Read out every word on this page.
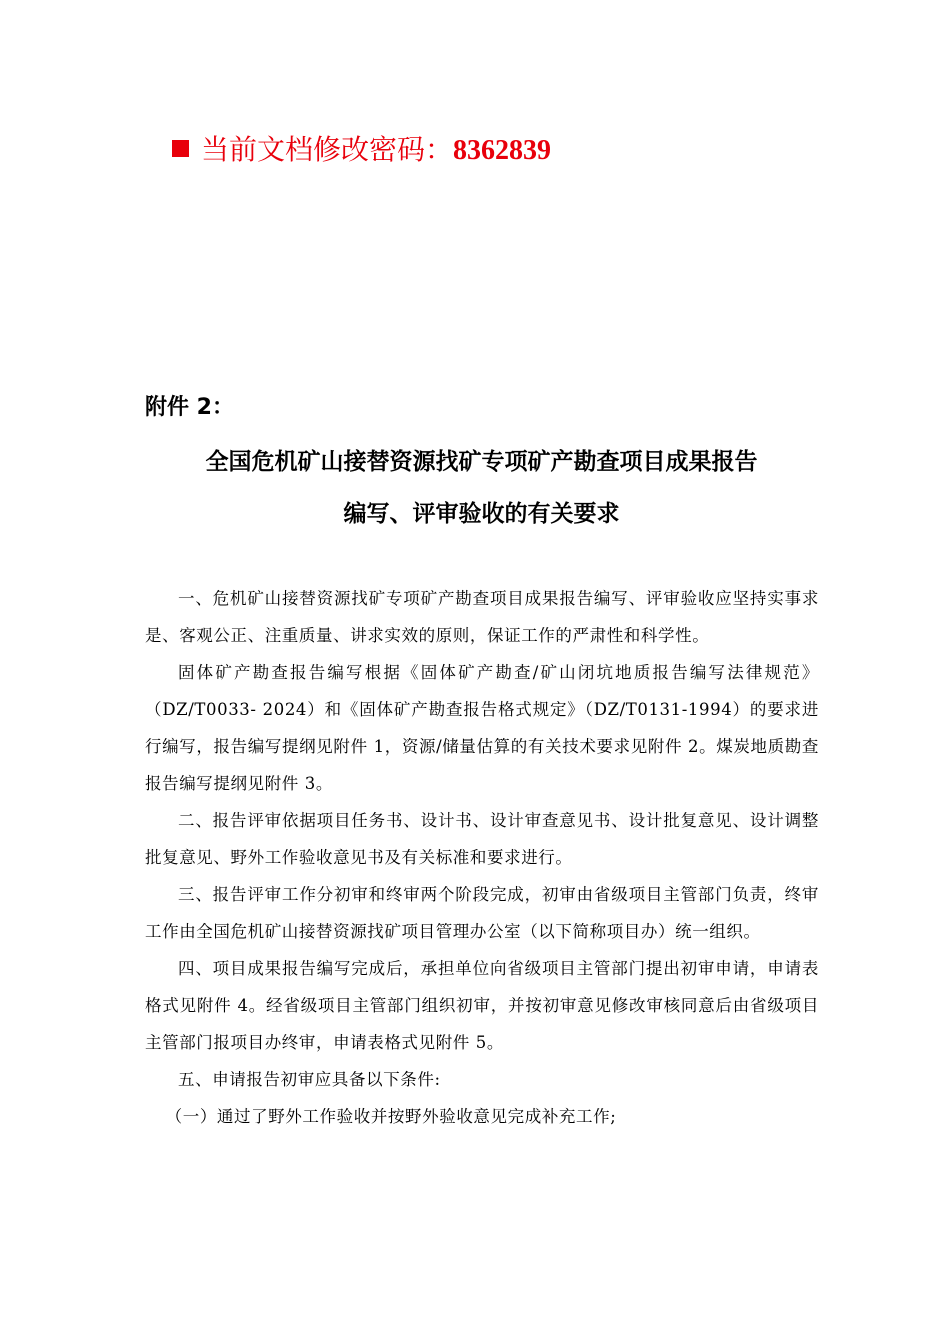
当前文档修改密码：8362839
附件 2：
全国危机矿山接替资源找矿专项矿产勘查项目成果报告
编写、评审验收的有关要求

一、危机矿山接替资源找矿专项矿产勘查项目成果报告编写、评审验收应坚持实事求是、客观公正、注重质量、讲求实效的原则，保证工作的严肃性和科学性。

固体矿产勘查报告编写根据《固体矿产勘查/矿山闭坑地质报告编写法律规范》（DZ/T0033- 2024）和《固体矿产勘查报告格式规定》（DZ/T0131-1994）的要求进行编写，报告编写提纲见附件 1，资源/储量估算的有关技术要求见附件 2。煤炭地质勘查报告编写提纲见附件 3。

二、报告评审依据项目任务书、设计书、设计审查意见书、设计批复意见、设计调整批复意见、野外工作验收意见书及有关标准和要求进行。

三、报告评审工作分初审和终审两个阶段完成，初审由省级项目主管部门负责，终审工作由全国危机矿山接替资源找矿项目管理办公室（以下简称项目办）统一组织。

四、项目成果报告编写完成后，承担单位向省级项目主管部门提出初审申请，申请表格式见附件 4。经省级项目主管部门组织初审，并按初审意见修改审核同意后由省级项目主管部门报项目办终审，申请表格式见附件 5。

五、申请报告初审应具备以下条件:

（一）通过了野外工作验收并按野外验收意见完成补充工作;
